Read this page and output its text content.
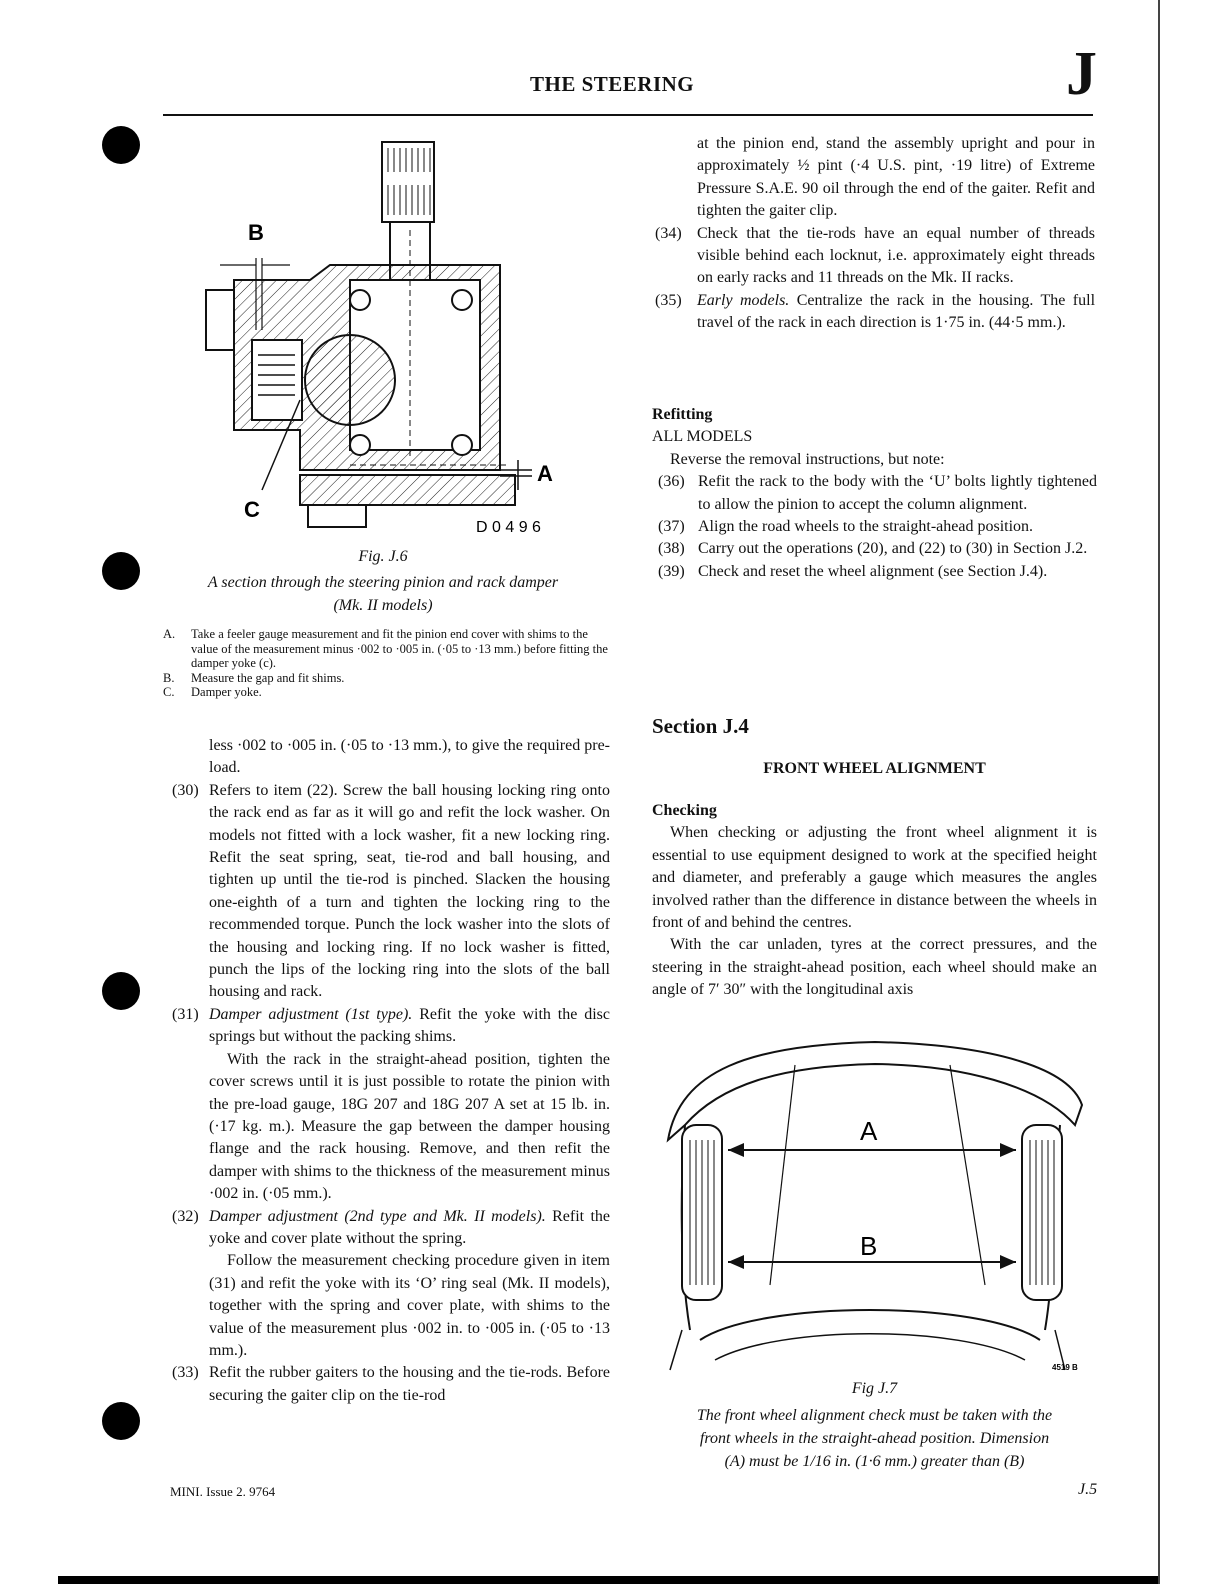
THE STEERING	J
B
A
C
D 0 4 9 6
Fig. J.6
A section through the steering pinion and rack damper
(Mk. II models)
A. Take a feeler gauge measurement and fit the pinion end cover with shims to the value of the measurement minus ·002 to ·005 in. (·05 to ·13 mm.) before fitting the damper yoke (c).
B. Measure the gap and fit shims.
C. Damper yoke.

less ·002 to ·005 in. (·05 to ·13 mm.), to give the required pre-load.

(30) Refers to item (22). Screw the ball housing locking ring onto the rack end as far as it will go and refit the lock washer. On models not fitted with a lock washer, fit a new locking ring. Refit the seat spring, seat, tie-rod and ball housing, and tighten up until the tie-rod is pinched. Slacken the housing one-eighth of a turn and tighten the locking ring to the recommended torque. Punch the lock washer into the slots of the housing and locking ring. If no lock washer is fitted, punch the lips of the locking ring into the slots of the ball housing and rack.

(31) Damper adjustment (1st type). Refit the yoke with the disc springs but without the packing shims.

With the rack in the straight-ahead position, tighten the cover screws until it is just possible to rotate the pinion with the pre-load gauge, 18G 207 and 18G 207 A set at 15 lb. in. (·17 kg. m.). Measure the gap between the damper housing flange and the rack housing. Remove, and then refit the damper with shims to the thickness of the measurement minus ·002 in. (·05 mm.).

(32) Damper adjustment (2nd type and Mk. II models). Refit the yoke and cover plate without the spring.

Follow the measurement checking procedure given in item (31) and refit the yoke with its ‘O’ ring seal (Mk. II models), together with the spring and cover plate, with shims to the value of the measurement plus ·002 in. to ·005 in. (·05 to ·13 mm.).

(33) Refit the rubber gaiters to the housing and the tie-rods. Before securing the gaiter clip on the tie-rod

at the pinion end, stand the assembly upright and pour in approximately ½ pint (·4 U.S. pint, ·19 litre) of Extreme Pressure S.A.E. 90 oil through the end of the gaiter. Refit and tighten the gaiter clip.

(34) Check that the tie-rods have an equal number of threads visible behind each locknut, i.e. approximately eight threads on early racks and 11 threads on the Mk. II racks.

(35) Early models. Centralize the rack in the housing. The full travel of the rack in each direction is 1·75 in. (44·5 mm.).

Refitting

ALL MODELS

Reverse the removal instructions, but note:

(36) Refit the rack to the body with the ‘U’ bolts lightly tightened to allow the pinion to accept the column alignment.

(37) Align the road wheels to the straight-ahead position.

(38) Carry out the operations (20), and (22) to (30) in Section J.2.

(39) Check and reset the wheel alignment (see Section J.4).

Section J.4
FRONT WHEEL ALIGNMENT

Checking

When checking or adjusting the front wheel alignment it is essential to use equipment designed to work at the specified height and diameter, and preferably a gauge which measures the angles involved rather than the difference in distance between the wheels in front of and behind the centres.

With the car unladen, tyres at the correct pressures, and the steering in the straight-ahead position, each wheel should make an angle of 7′ 30″ with the longitudinal axis

A
B
4519 B
Fig J.7
The front wheel alignment check must be taken with the
front wheels in the straight-ahead position. Dimension
(A) must be 1/16 in. (1·6 mm.) greater than (B)
MINI. Issue 2. 9764	J.5
